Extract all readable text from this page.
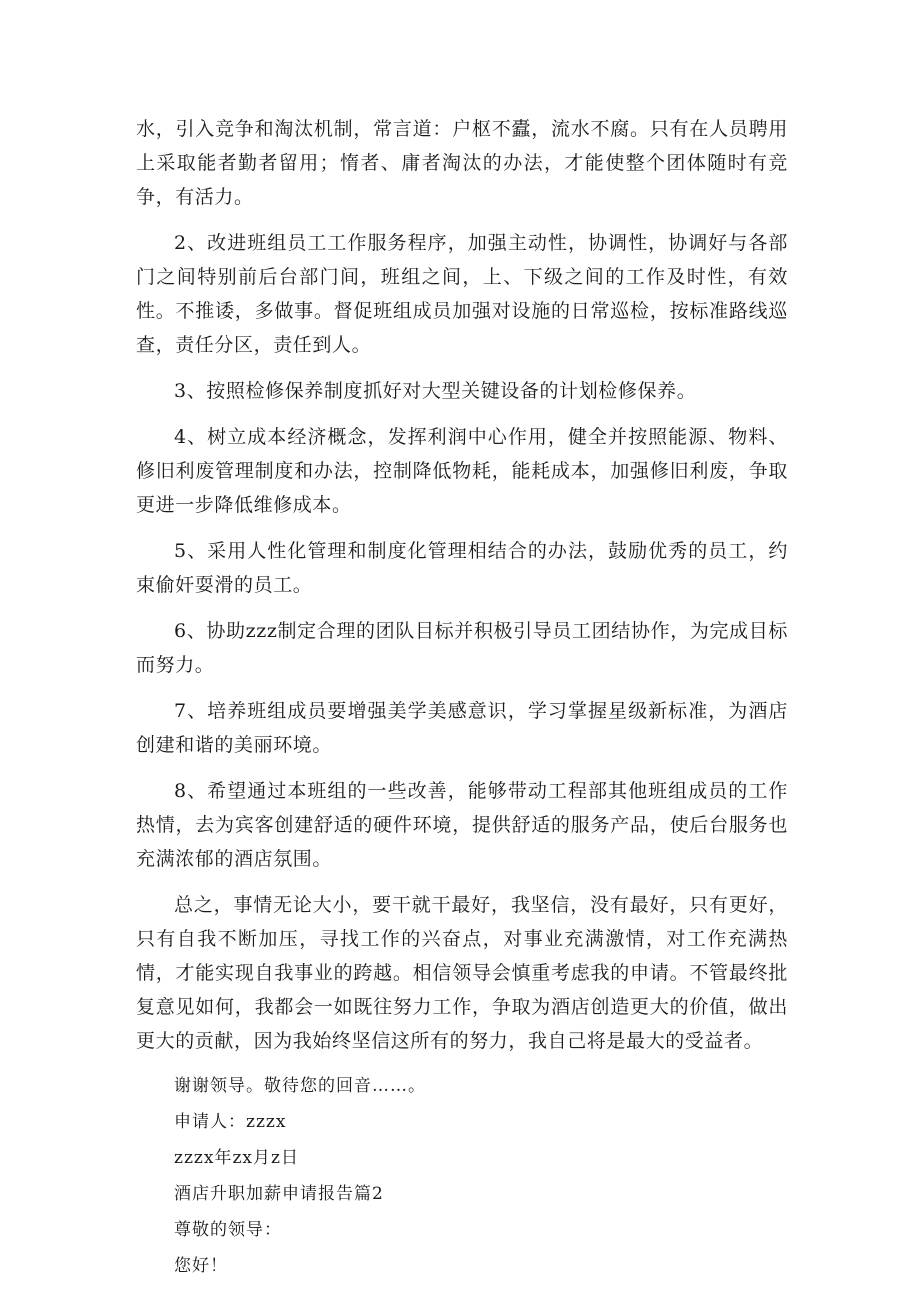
水，引入竞争和淘汰机制，常言道：户枢不蠹，流水不腐。只有在人员聘用上采取能者勤者留用；惰者、庸者淘汰的办法，才能使整个团体随时有竞争，有活力。

2、改进班组员工工作服务程序，加强主动性，协调性，协调好与各部门之间特别前后台部门间，班组之间，上、下级之间的工作及时性，有效性。不推诿，多做事。督促班组成员加强对设施的日常巡检，按标准路线巡查，责任分区，责任到人。

3、按照检修保养制度抓好对大型关键设备的计划检修保养。

4、树立成本经济概念，发挥利润中心作用，健全并按照能源、物料、修旧利废管理制度和办法，控制降低物耗，能耗成本，加强修旧利废，争取更进一步降低维修成本。

5、采用人性化管理和制度化管理相结合的办法，鼓励优秀的员工，约束偷奸耍滑的员工。

6、协助zzz制定合理的团队目标并积极引导员工团结协作，为完成目标而努力。

7、培养班组成员要增强美学美感意识，学习掌握星级新标准，为酒店创建和谐的美丽环境。

8、希望通过本班组的一些改善，能够带动工程部其他班组成员的工作热情，去为宾客创建舒适的硬件环境，提供舒适的服务产品，使后台服务也充满浓郁的酒店氛围。

总之，事情无论大小，要干就干最好，我坚信，没有最好，只有更好，只有自我不断加压，寻找工作的兴奋点，对事业充满激情，对工作充满热情，才能实现自我事业的跨越。相信领导会慎重考虑我的申请。不管最终批复意见如何，我都会一如既往努力工作，争取为酒店创造更大的价值，做出更大的贡献，因为我始终坚信这所有的努力，我自己将是最大的受益者。

谢谢领导。敬待您的回音……。

申请人：zzzx

zzzx年zx月z日

酒店升职加薪申请报告篇2

尊敬的领导：

您好！
